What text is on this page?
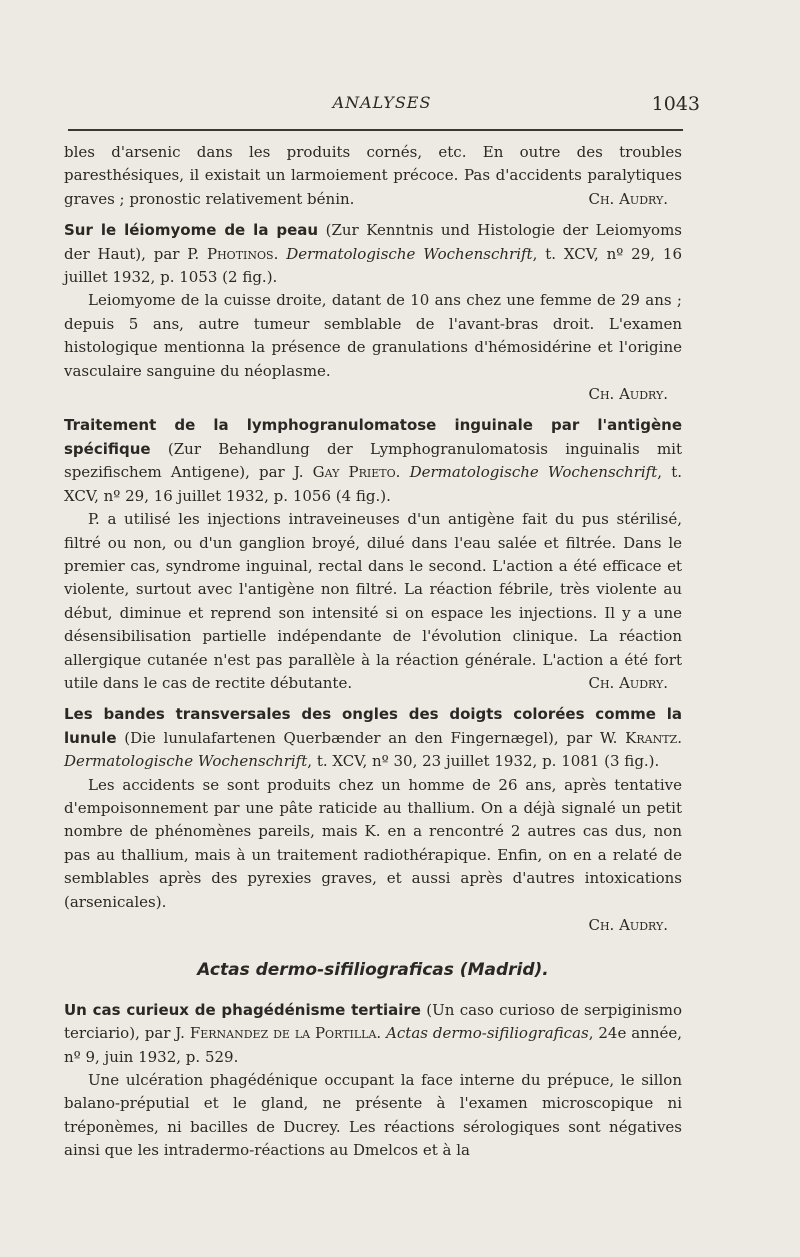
ANALYSES	1043

bles d'arsenic dans les produits cornés, etc. En outre des troubles paresthésiques, il existait un larmoiement précoce. Pas d'accidents paralytiques graves ; pronostic relativement bénin.	Ch. Audry.

Sur le léiomyome de la peau (Zur Kenntnis und Histologie der Leiomyoms der Haut), par P. Photinos. Dermatologische Wochenschrift, t. XCV, nº 29, 16 juillet 1932, p. 1053 (2 fig.).

Leiomyome de la cuisse droite, datant de 10 ans chez une femme de 29 ans ; depuis 5 ans, autre tumeur semblable de l'avant-bras droit. L'examen histologique mentionna la présence de granulations d'hémosidérine et l'origine vasculaire sanguine du néoplasme.

Ch. Audry.

Traitement de la lymphogranulomatose inguinale par l'antigène spécifique (Zur Behandlung der Lymphogranulomatosis inguinalis mit spezifischem Antigene), par J. Gay Prieto. Dermatologische Wochenschrift, t. XCV, nº 29, 16 juillet 1932, p. 1056 (4 fig.).

P. a utilisé les injections intraveineuses d'un antigène fait du pus stérilisé, filtré ou non, ou d'un ganglion broyé, dilué dans l'eau salée et filtrée. Dans le premier cas, syndrome inguinal, rectal dans le second. L'action a été efficace et violente, surtout avec l'antigène non filtré. La réaction fébrile, très violente au début, diminue et reprend son intensité si on espace les injections. Il y a une désensibilisation partielle indépendante de l'évolution clinique. La réaction allergique cutanée n'est pas parallèle à la réaction générale. L'action a été fort utile dans le cas de rectite débutante.	Ch. Audry.

Les bandes transversales des ongles des doigts colorées comme la lunule (Die lunulafartenen Querbænder an den Fingernægel), par W. Krantz. Dermatologische Wochenschrift, t. XCV, nº 30, 23 juillet 1932, p. 1081 (3 fig.).

Les accidents se sont produits chez un homme de 26 ans, après tentative d'empoisonnement par une pâte raticide au thallium. On a déjà signalé un petit nombre de phénomènes pareils, mais K. en a rencontré 2 autres cas dus, non pas au thallium, mais à un traitement radiothérapique. Enfin, on en a relaté de semblables après des pyrexies graves, et aussi après d'autres intoxications (arsenicales).

Ch. Audry.

Actas dermo-sifiliograficas (Madrid).

Un cas curieux de phagédénisme tertiaire (Un caso curioso de serpiginismo terciario), par J. Fernandez de la Portilla. Actas dermo-sifiliograficas, 24e année, nº 9, juin 1932, p. 529.

Une ulcération phagédénique occupant la face interne du prépuce, le sillon balano-préputial et le gland, ne présente à l'examen microscopique ni tréponèmes, ni bacilles de Ducrey. Les réactions sérologiques sont négatives ainsi que les intradermo-réactions au Dmelcos et à la
